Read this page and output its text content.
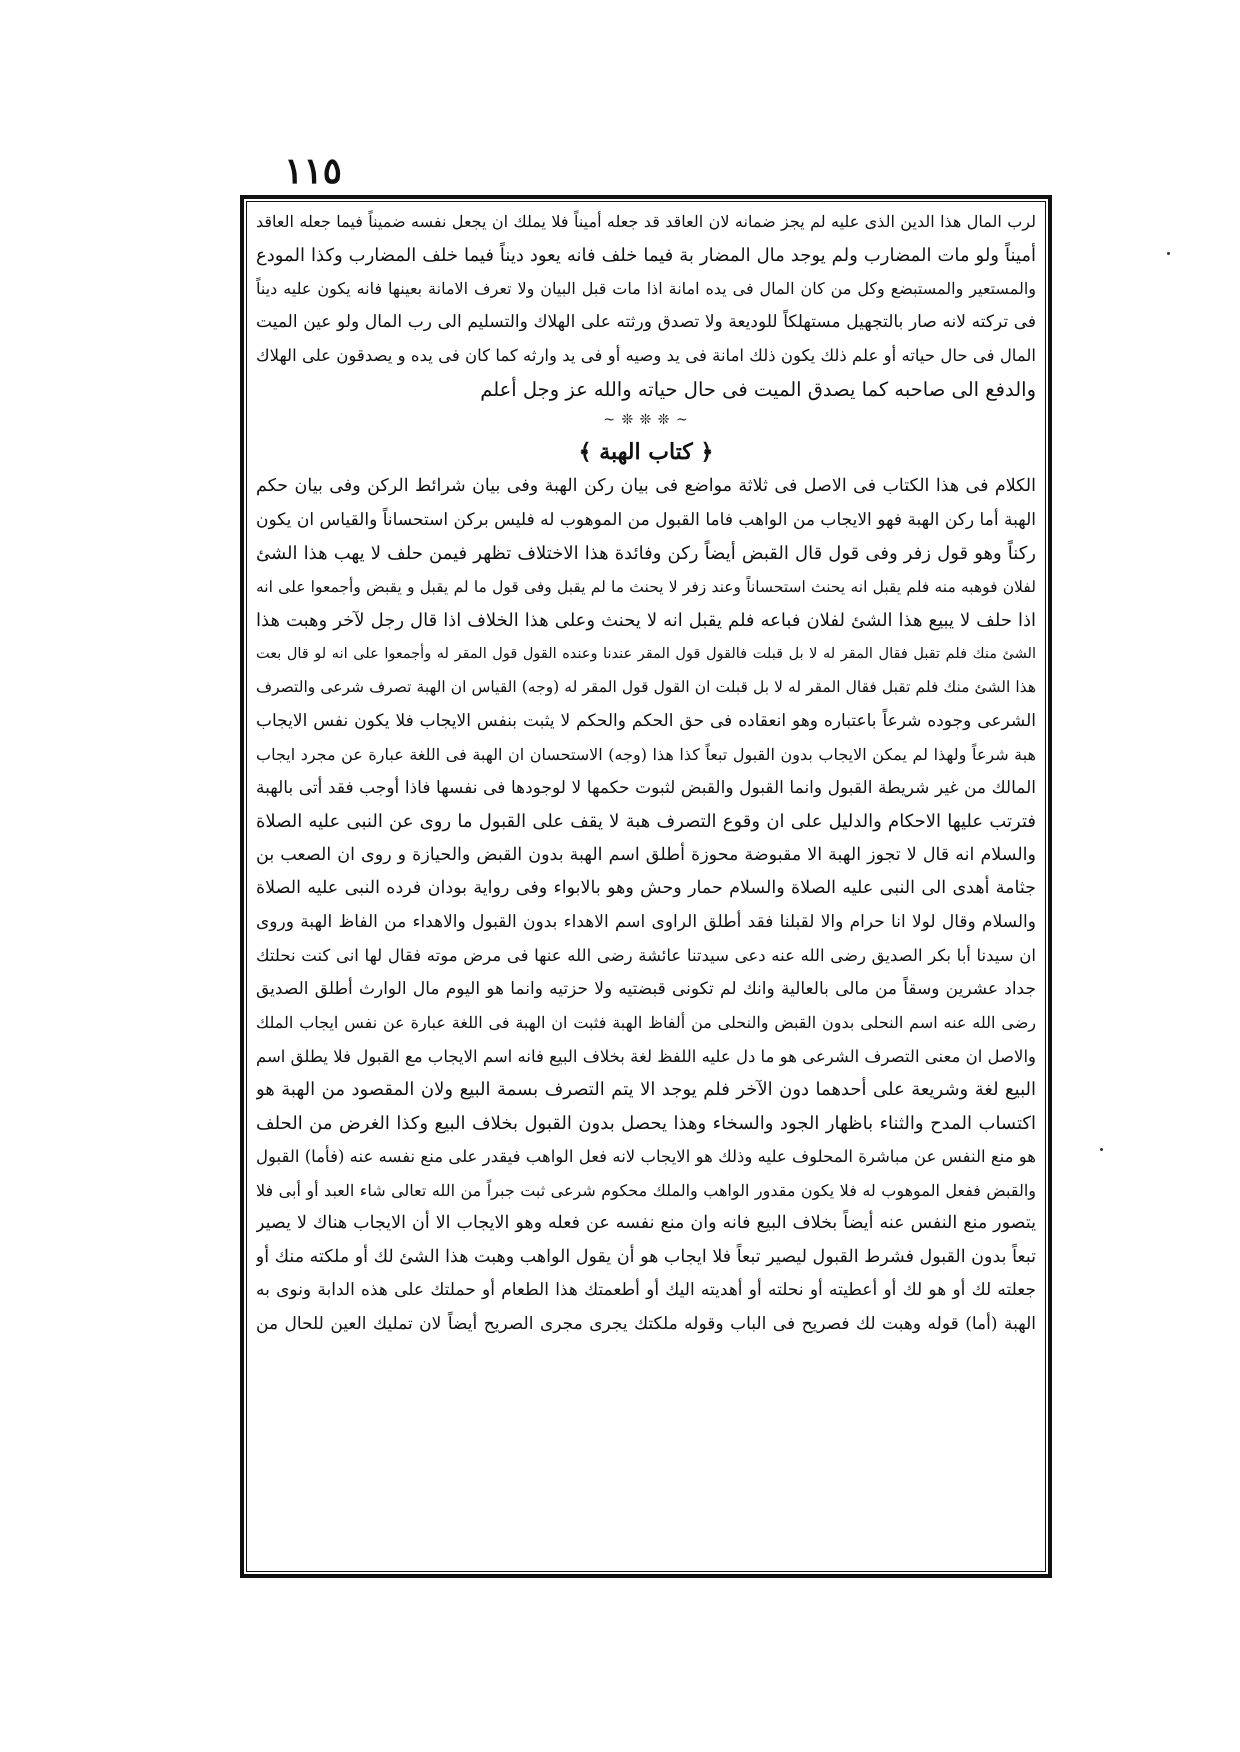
١١٥
لرب المال هذا الدين الذى عليه لم يجز ضمانه لان العاقد قد جعله أميناً فلا يملك ان يجعل نفسه ضميناً فيما جعله العاقد
أميناً ولو مات المضارب ولم يوجد مال المضار بة فيما خلف فانه يعود ديناً فيما خلف المضارب وكذا المودع
والمستعير والمستبضع وكل من كان المال فى يده امانة اذا مات قبل البيان ولا تعرف الامانة بعينها فانه يكون عليه ديناً
فى تركته لانه صار بالتجهيل مستهلكاً للوديعة ولا تصدق ورثته على الهلاك والتسليم الى رب المال ولو عين الميت
المال فى حال حياته أو علم ذلك يكون ذلك امانة فى يد وصيه أو فى يد وارثه كما كان فى يده و يصدقون على الهلاك
والدفع الى صاحبه كما يصدق الميت فى حال حياته والله عز وجل أعلم
~ ❊ ❊ ❊ ~
﴿ كتاب الهبة ﴾
الكلام فى هذا الكتاب فى الاصل فى ثلاثة مواضع فى بيان ركن الهبة وفى بيان شرائط الركن وفى بيان حكم
الهبة أما ركن الهبة فهو الايجاب من الواهب فاما القبول من الموهوب له فليس بركن استحساناً والقياس ان يكون
ركناً وهو قول زفر وفى قول قال القبض أيضاً ركن وفائدة هذا الاختلاف تظهر فيمن حلف لا يهب هذا الشئ
لفلان فوهبه منه فلم يقبل انه يحنث استحساناً وعند زفر لا يحنث ما لم يقبل وفى قول ما لم يقبل و يقبض وأجمعوا على انه
اذا حلف لا يبيع هذا الشئ لفلان فباعه فلم يقبل انه لا يحنث وعلى هذا الخلاف اذا قال رجل لآخر وهبت هذا
الشئ منك فلم تقبل فقال المقر له لا بل قبلت فالقول قول المقر عندنا وعنده القول قول المقر له وأجمعوا على انه لو قال بعت
هذا الشئ منك فلم تقبل فقال المقر له لا بل قبلت ان القول قول المقر له (وجه) القياس ان الهبة تصرف شرعى والتصرف
الشرعى وجوده شرعاً باعتباره وهو انعقاده فى حق الحكم والحكم لا يثبت بنفس الايجاب فلا يكون نفس الايجاب
هبة شرعاً ولهذا لم يمكن الايجاب بدون القبول تبعاً كذا هذا (وجه) الاستحسان ان الهبة فى اللغة عبارة عن مجرد ايجاب
المالك من غير شريطة القبول وانما القبول والقبض لثبوت حكمها لا لوجودها فى نفسها فاذا أوجب فقد أتى بالهبة
فترتب عليها الاحكام والدليل على ان وقوع التصرف هبة لا يقف على القبول ما روى عن النبى عليه الصلاة
والسلام انه قال لا تجوز الهبة الا مقبوضة محوزة أطلق اسم الهبة بدون القبض والحيازة و روى ان الصعب بن
جثامة أهدى الى النبى عليه الصلاة والسلام حمار وحش وهو بالابواء وفى رواية بودان فرده النبى عليه الصلاة
والسلام وقال لولا انا حرام والا لقبلنا فقد أطلق الراوى اسم الاهداء بدون القبول والاهداء من الفاظ الهبة وروى
ان سيدنا أبا بكر الصديق رضى الله عنه دعى سيدتنا عائشة رضى الله عنها فى مرض موته فقال لها انى كنت نحلتك
جداد عشرين وسقاً من مالى بالعالية وانك لم تكونى قبضتيه ولا حزتيه وانما هو اليوم مال الوارث أطلق الصديق
رضى الله عنه اسم النحلى بدون القبض والنحلى من ألفاظ الهبة فثبت ان الهبة فى اللغة عبارة عن نفس ايجاب الملك
والاصل ان معنى التصرف الشرعى هو ما دل عليه اللفظ لغة بخلاف البيع فانه اسم الايجاب مع القبول فلا يطلق اسم
البيع لغة وشريعة على أحدهما دون الآخر فلم يوجد الا يتم التصرف بسمة البيع ولان المقصود من الهبة هو
اكتساب المدح والثناء باظهار الجود والسخاء وهذا يحصل بدون القبول بخلاف البيع وكذا الغرض من الحلف
هو منع النفس عن مباشرة المحلوف عليه وذلك هو الايجاب لانه فعل الواهب فيقدر على منع نفسه عنه (فأما) القبول
والقبض ففعل الموهوب له فلا يكون مقدور الواهب والملك محكوم شرعى ثبت جبراً من الله تعالى شاء العبد أو أبى فلا
يتصور منع النفس عنه أيضاً بخلاف البيع فانه وان منع نفسه عن فعله وهو الايجاب الا أن الايجاب هناك لا يصير
تبعاً بدون القبول فشرط القبول ليصير تبعاً فلا ايجاب هو أن يقول الواهب وهبت هذا الشئ لك أو ملكته منك أو
جعلته لك أو هو لك أو أعطيته أو نحلته أو أهديته اليك أو أطعمتك هذا الطعام أو حملتك على هذه الدابة ونوى به
الهبة (أما) قوله وهبت لك فصريح فى الباب وقوله ملكتك يجرى مجرى الصريح أيضاً لان تمليك العين للحال من
